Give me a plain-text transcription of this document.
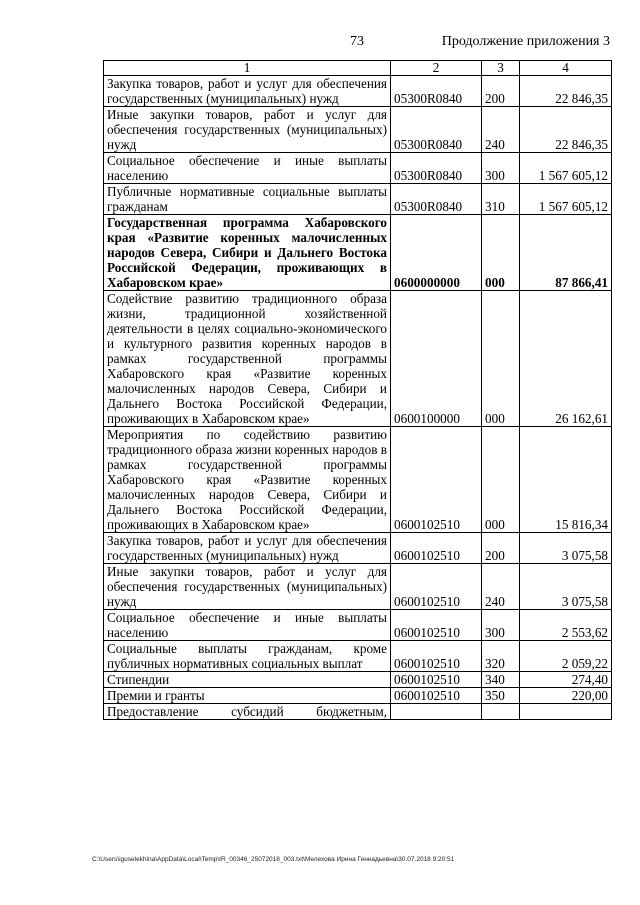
73	Продолжение приложения 3
1	2	3	4
Закупка товаров, работ и услуг для обеспечения государственных (муниципальных) нужд	05300R0840	200	22 846,35
Иные закупки товаров, работ и услуг для обеспечения государственных (муниципальных) нужд	05300R0840	240	22 846,35
Социальное обеспечение и иные выплаты населению	05300R0840	300	1 567 605,12
Публичные нормативные социальные выплаты гражданам	05300R0840	310	1 567 605,12
Государственная программа Хабаровского края «Развитие коренных малочисленных народов Севера, Сибири и Дальнего Востока Российской Федерации, проживающих в Хабаровском крае»	0600000000	000	87 866,41
Содействие развитию традиционного образа жизни, традиционной хозяйственной деятельности в целях социально-экономического и культурного развития коренных народов в рамках государственной программы Хабаровского края «Развитие коренных малочисленных народов Севера, Сибири и Дальнего Востока Российской Федерации, проживающих в Хабаровском крае»	0600100000	000	26 162,61
Мероприятия по содействию развитию традиционного образа жизни коренных народов в рамках государственной программы Хабаровского края «Развитие коренных малочисленных народов Севера, Сибири и Дальнего Востока Российской Федерации, проживающих в Хабаровском крае»	0600102510	000	15 816,34
Закупка товаров, работ и услуг для обеспечения государственных (муниципальных) нужд	0600102510	200	3 075,58
Иные закупки товаров, работ и услуг для обеспечения государственных (муниципальных) нужд	0600102510	240	3 075,58
Социальное обеспечение и иные выплаты населению	0600102510	300	2 553,62
Социальные выплаты гражданам, кроме публичных нормативных социальных выплат	0600102510	320	2 059,22
Стипендии	0600102510	340	274,40
Премии и гранты	0600102510	350	220,00
Предоставление субсидий бюджетным,			
C:\Users\iguselekhina\AppData\Local\Temp\IR_00346_25072018_003.txt\Мелехова Ирина Геннадьевна\30.07.2018 9:20:51
